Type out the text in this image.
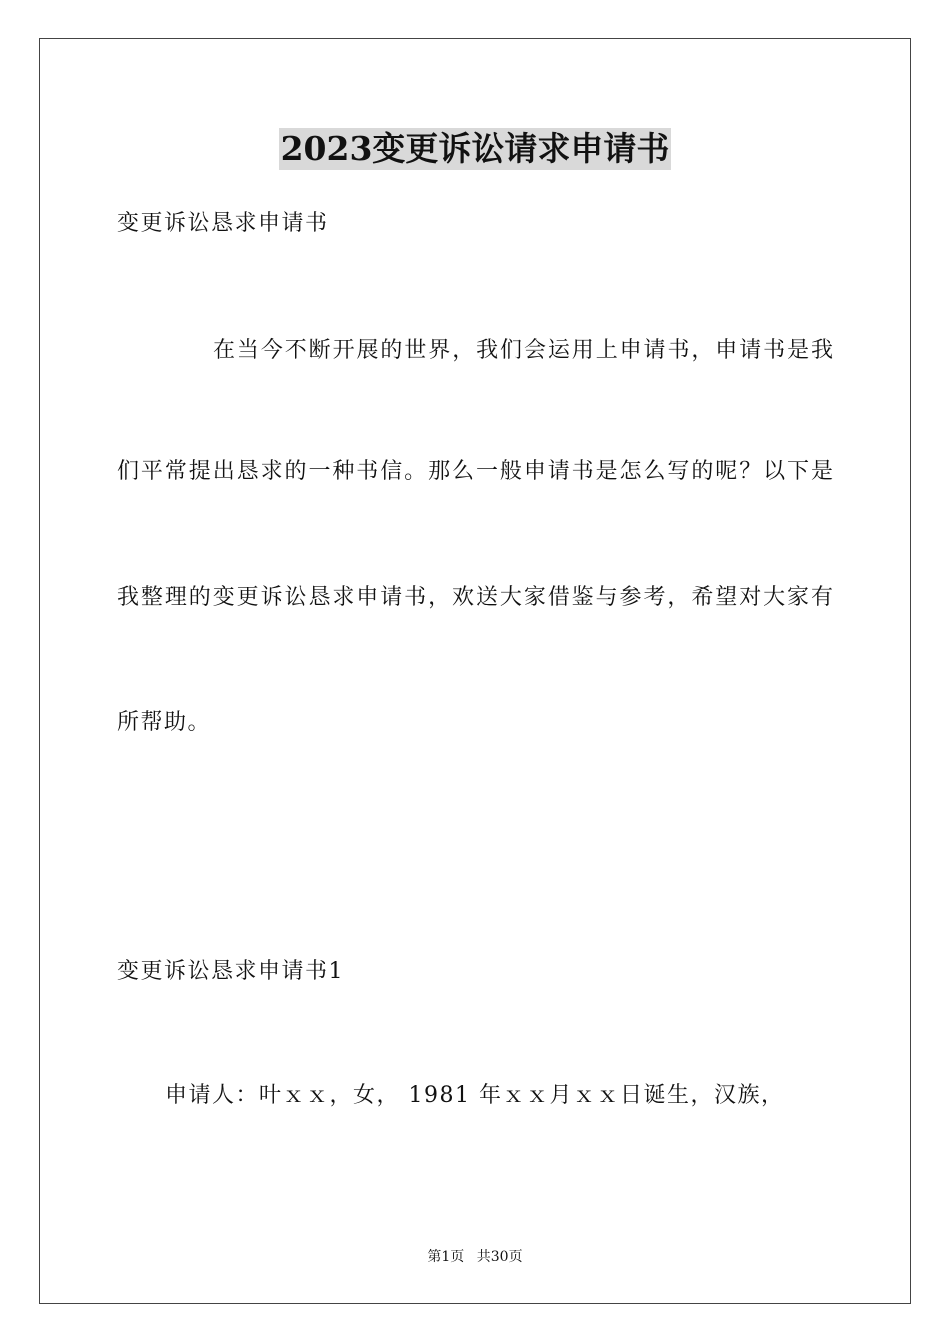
2023变更诉讼请求申请书
变更诉讼恳求申请书
在当今不断开展的世界，我们会运用上申请书，申请书是我
们平常提出恳求的一种书信。那么一般申请书是怎么写的呢？以下是
我整理的变更诉讼恳求申请书，欢送大家借鉴与参考，希望对大家有
所帮助。
变更诉讼恳求申请书1
申请人：叶ｘｘ，女， 1981 年ｘｘ月ｘｘ日诞生，汉族，
第1页 共30页
